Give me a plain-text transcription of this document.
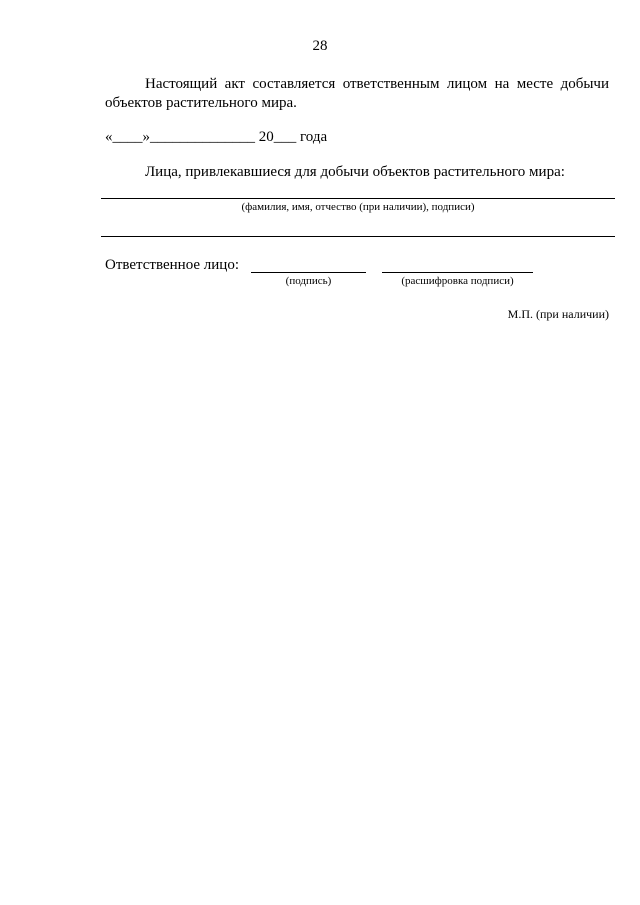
28
Настоящий акт составляется ответственным лицом на месте добычи объектов растительного мира.
«____»______________ 20___ года
Лица, привлекавшиеся для добычи объектов растительного мира:
(фамилия, имя, отчество (при наличии), подписи)
Ответственное лицо:
(подпись)	(расшифровка подписи)
М.П. (при наличии)
